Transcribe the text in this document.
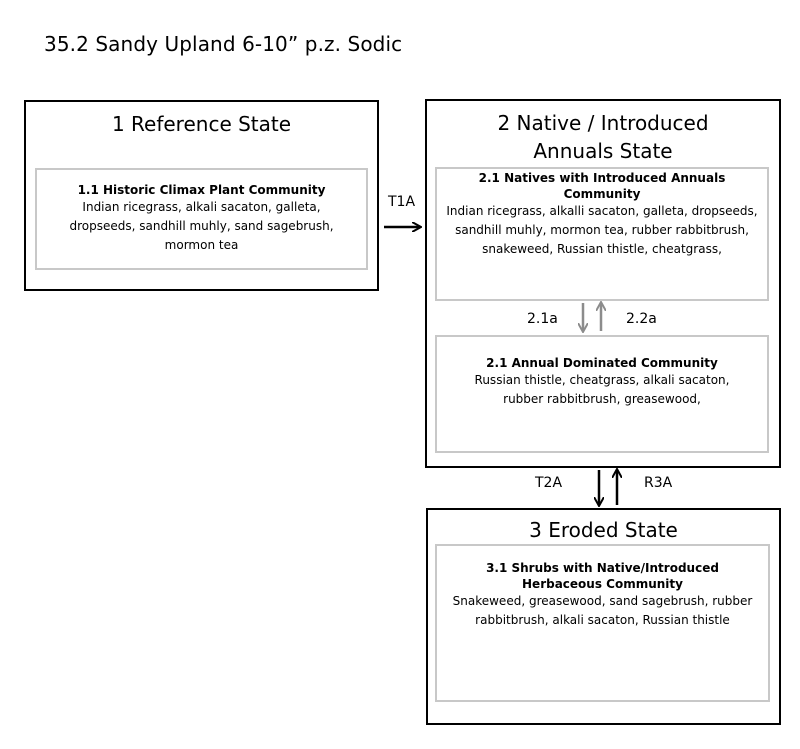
35.2 Sandy Upland 6-10” p.z. Sodic
1 Reference State
1.1 Historic Climax Plant Community
Indian ricegrass, alkali sacaton, galleta, dropseeds, sandhill muhly, sand sagebrush, mormon tea
2 Native / Introduced Annuals State
2.1 Natives with Introduced Annuals Community
Indian ricegrass, alkalli sacaton, galleta, dropseeds, sandhill muhly, mormon tea, rubber rabbitbrush, snakeweed, Russian thistle, cheatgrass,
2.1 Annual Dominated Community
Russian thistle, cheatgrass, alkali sacaton, rubber rabbitbrush, greasewood,
3 Eroded State
3.1 Shrubs with Native/Introduced Herbaceous Community
Snakeweed, greasewood, sand sagebrush, rubber rabbitbrush, alkali sacaton, Russian thistle
T1A
2.1a	2.2a
T2A	R3A
